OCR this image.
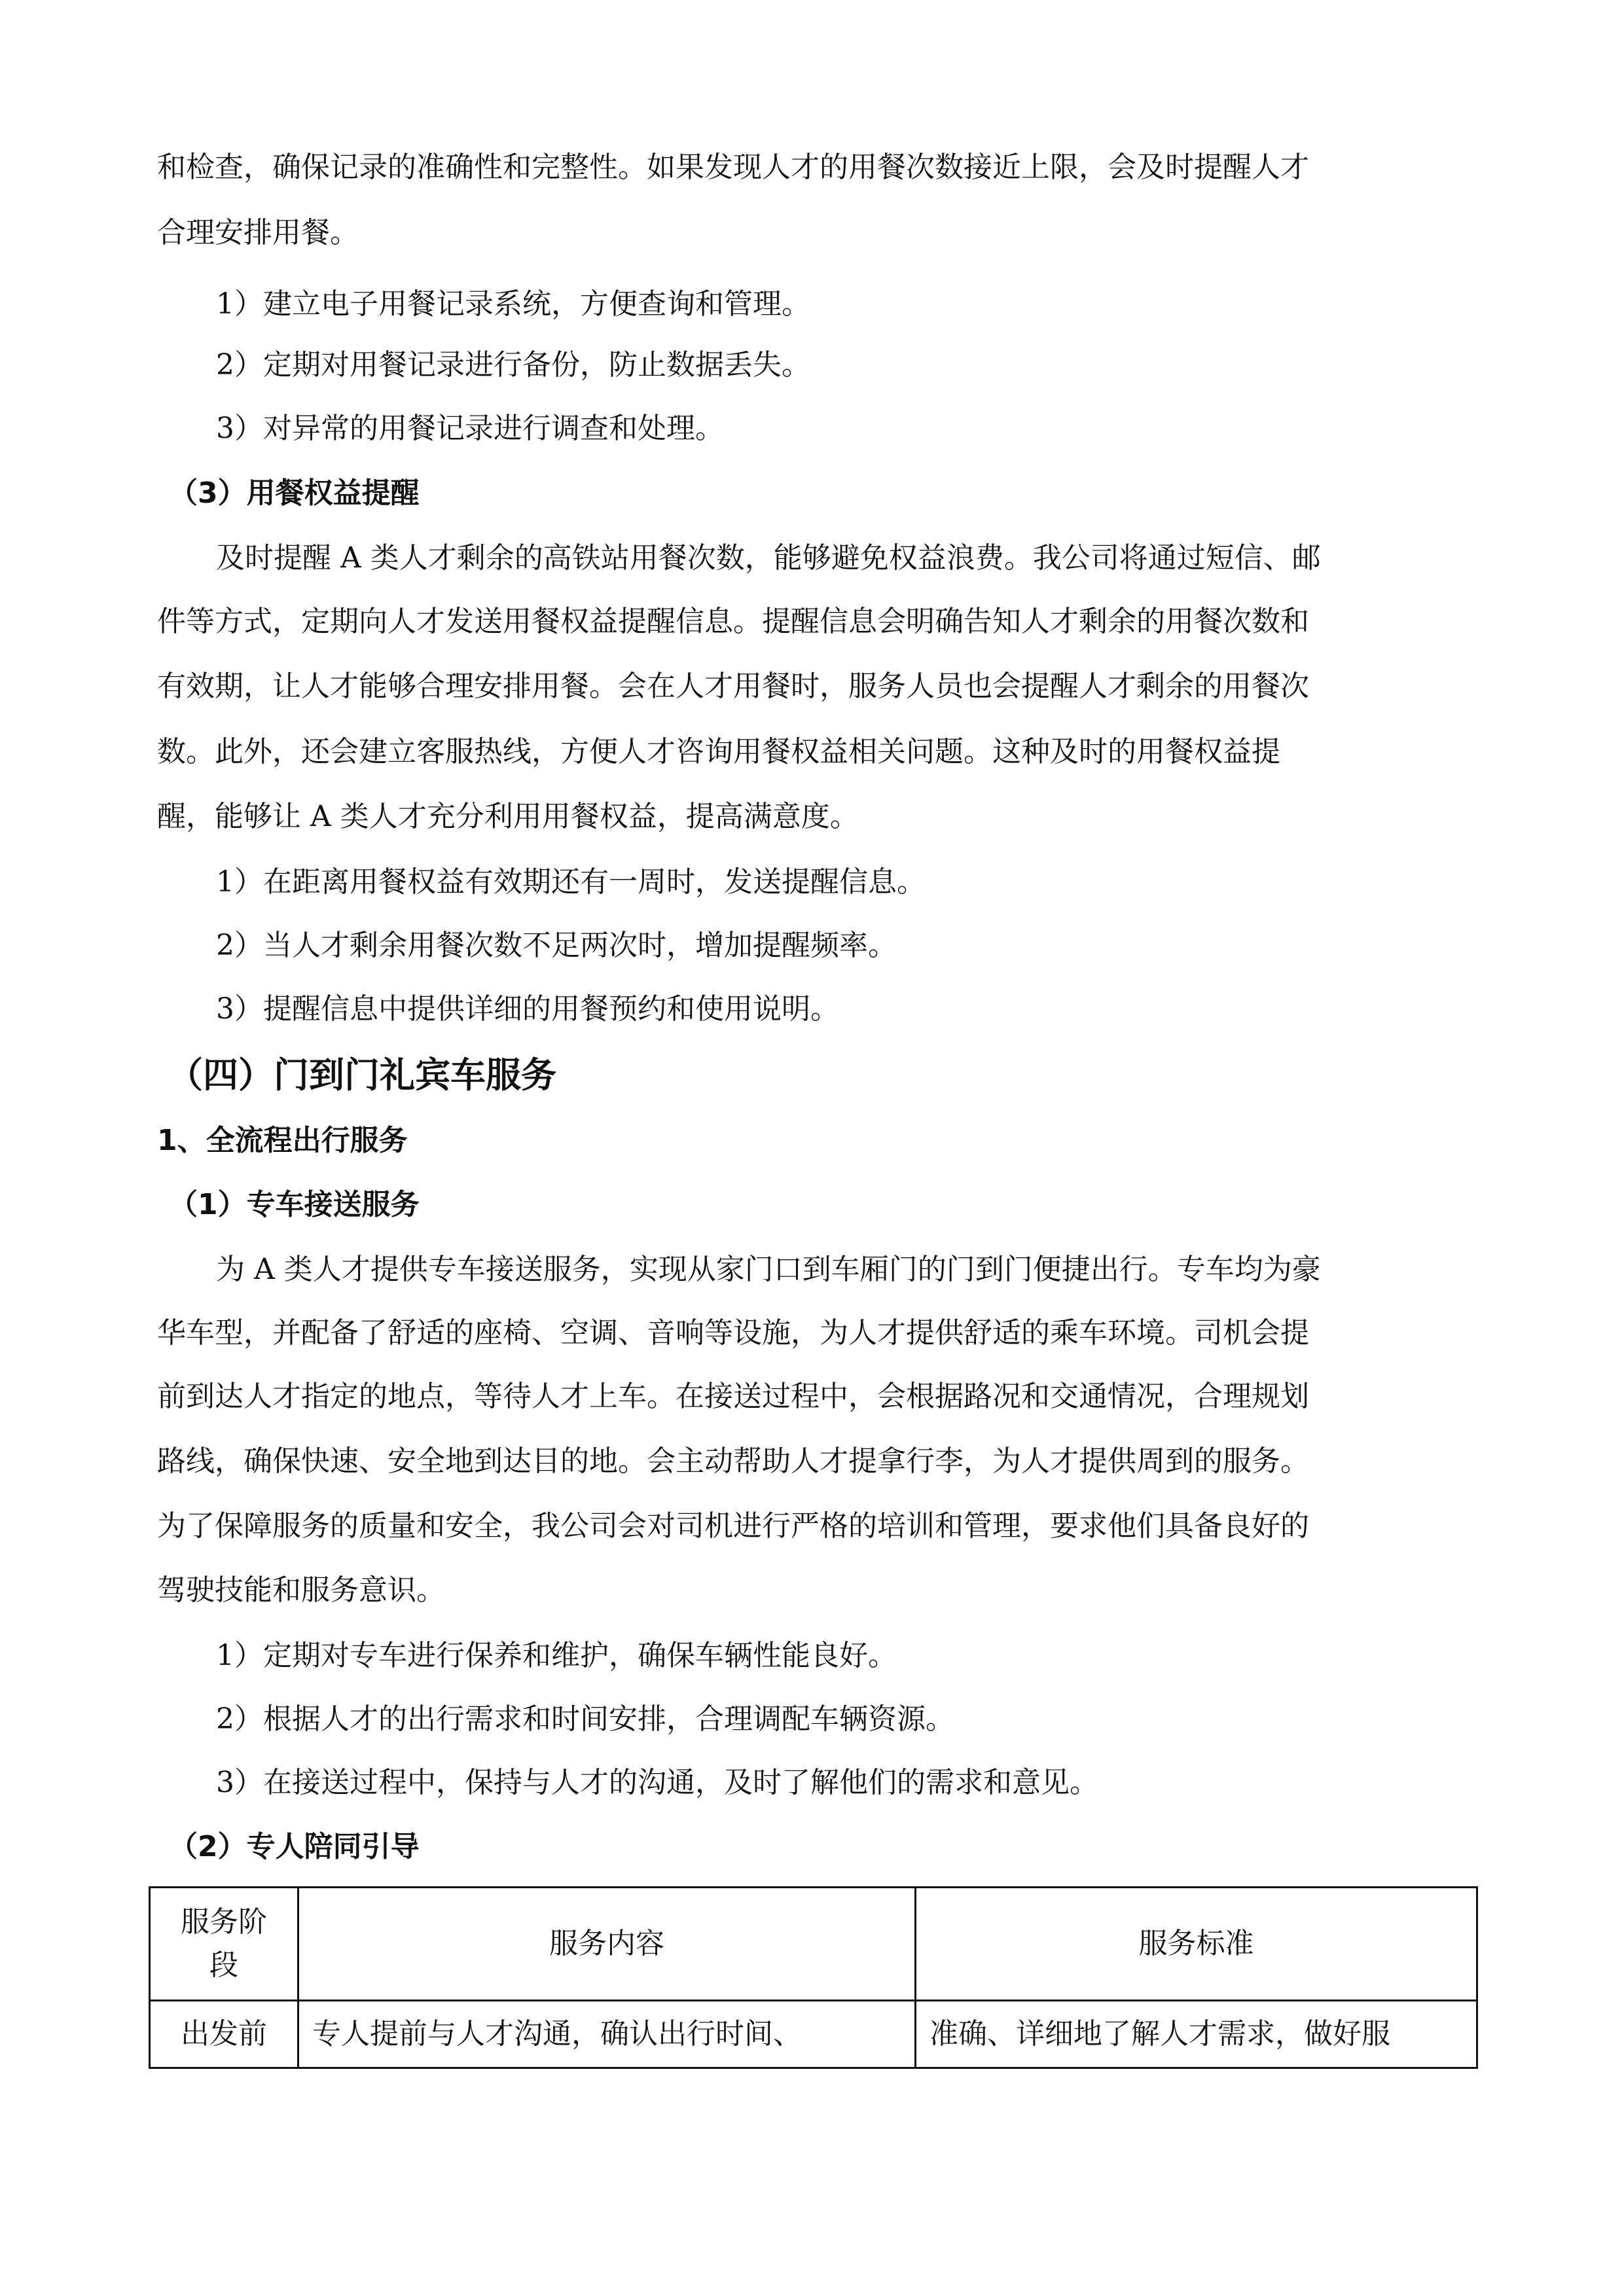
和检查，确保记录的准确性和完整性。如果发现人才的用餐次数接近上限，会及时提醒人才

合理安排用餐。

1）建立电子用餐记录系统，方便查询和管理。

2）定期对用餐记录进行备份，防止数据丢失。

3）对异常的用餐记录进行调查和处理。

（3）用餐权益提醒

及时提醒 A 类人才剩余的高铁站用餐次数，能够避免权益浪费。我公司将通过短信、邮

件等方式，定期向人才发送用餐权益提醒信息。提醒信息会明确告知人才剩余的用餐次数和

有效期，让人才能够合理安排用餐。会在人才用餐时，服务人员也会提醒人才剩余的用餐次

数。此外，还会建立客服热线，方便人才咨询用餐权益相关问题。这种及时的用餐权益提

醒，能够让 A 类人才充分利用用餐权益，提高满意度。

1）在距离用餐权益有效期还有一周时，发送提醒信息。

2）当人才剩余用餐次数不足两次时，增加提醒频率。

3）提醒信息中提供详细的用餐预约和使用说明。

（四）门到门礼宾车服务

1、全流程出行服务

（1）专车接送服务

为 A 类人才提供专车接送服务，实现从家门口到车厢门的门到门便捷出行。专车均为豪

华车型，并配备了舒适的座椅、空调、音响等设施，为人才提供舒适的乘车环境。司机会提

前到达人才指定的地点，等待人才上车。在接送过程中，会根据路况和交通情况，合理规划

路线，确保快速、安全地到达目的地。会主动帮助人才提拿行李，为人才提供周到的服务。

为了保障服务的质量和安全，我公司会对司机进行严格的培训和管理，要求他们具备良好的

驾驶技能和服务意识。

1）定期对专车进行保养和维护，确保车辆性能良好。

2）根据人才的出行需求和时间安排，合理调配车辆资源。

3）在接送过程中，保持与人才的沟通，及时了解他们的需求和意见。

（2）专人陪同引导

服务阶
段	服务内容	服务标准
出发前	专人提前与人才沟通，确认出行时间、	准确、详细地了解人才需求，做好服
